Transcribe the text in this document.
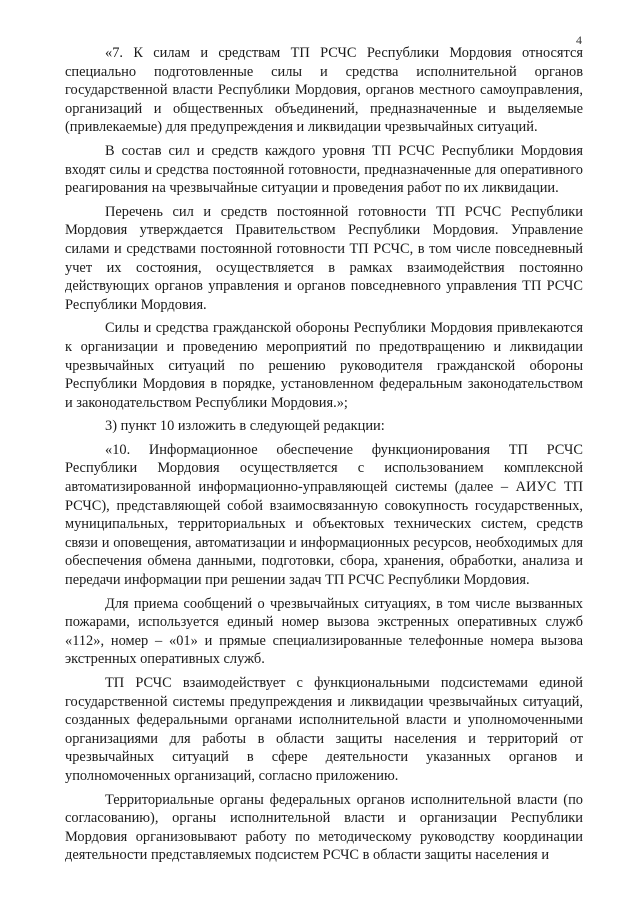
4

«7. К силам и средствам ТП РСЧС Республики Мордовия относятся специально подготовленные силы и средства исполнительной органов государственной власти Республики Мордовия, органов местного самоуправления, организаций и общественных объединений, предназначенные и выделяемые (привлекаемые) для предупреждения и ликвидации чрезвычайных ситуаций.

В состав сил и средств каждого уровня ТП РСЧС Республики Мордовия входят силы и средства постоянной готовности, предназначенные для оперативного реагирования на чрезвычайные ситуации и проведения работ по их ликвидации.

Перечень сил и средств постоянной готовности ТП РСЧС Республики Мордовия утверждается Правительством Республики Мордовия. Управление силами и средствами постоянной готовности ТП РСЧС, в том числе повседневный учет их состояния, осуществляется в рамках взаимодействия постоянно действующих органов управления и органов повседневного управления ТП РСЧС Республики Мордовия.

Силы и средства гражданской обороны Республики Мордовия привлекаются к организации и проведению мероприятий по предотвращению и ликвидации чрезвычайных ситуаций по решению руководителя гражданской обороны Республики Мордовия в порядке, установленном федеральным законодательством и законодательством Республики Мордовия.»;

3) пункт 10 изложить в следующей редакции:

«10. Информационное обеспечение функционирования ТП РСЧС Республики Мордовия осуществляется с использованием комплексной автоматизированной информационно-управляющей системы (далее – АИУС ТП РСЧС), представляющей собой взаимосвязанную совокупность государственных, муниципальных, территориальных и объектовых технических систем, средств связи и оповещения, автоматизации и информационных ресурсов, необходимых для обеспечения обмена данными, подготовки, сбора, хранения, обработки, анализа и передачи информации при решении задач ТП РСЧС Республики Мордовия.

Для приема сообщений о чрезвычайных ситуациях, в том числе вызванных пожарами, используется единый номер вызова экстренных оперативных служб «112», номер – «01» и прямые специализированные телефонные номера вызова экстренных оперативных служб.

ТП РСЧС взаимодействует с функциональными подсистемами единой государственной системы предупреждения и ликвидации чрезвычайных ситуаций, созданных федеральными органами исполнительной власти и уполномоченными организациями для работы в области защиты населения и территорий от чрезвычайных ситуаций в сфере деятельности указанных органов и уполномоченных организаций, согласно приложению.

Территориальные органы федеральных органов исполнительной власти (по согласованию), органы исполнительной власти и организации Республики Мордовия организовывают работу по методическому руководству координации деятельности представляемых подсистем РСЧС в области защиты населения и
